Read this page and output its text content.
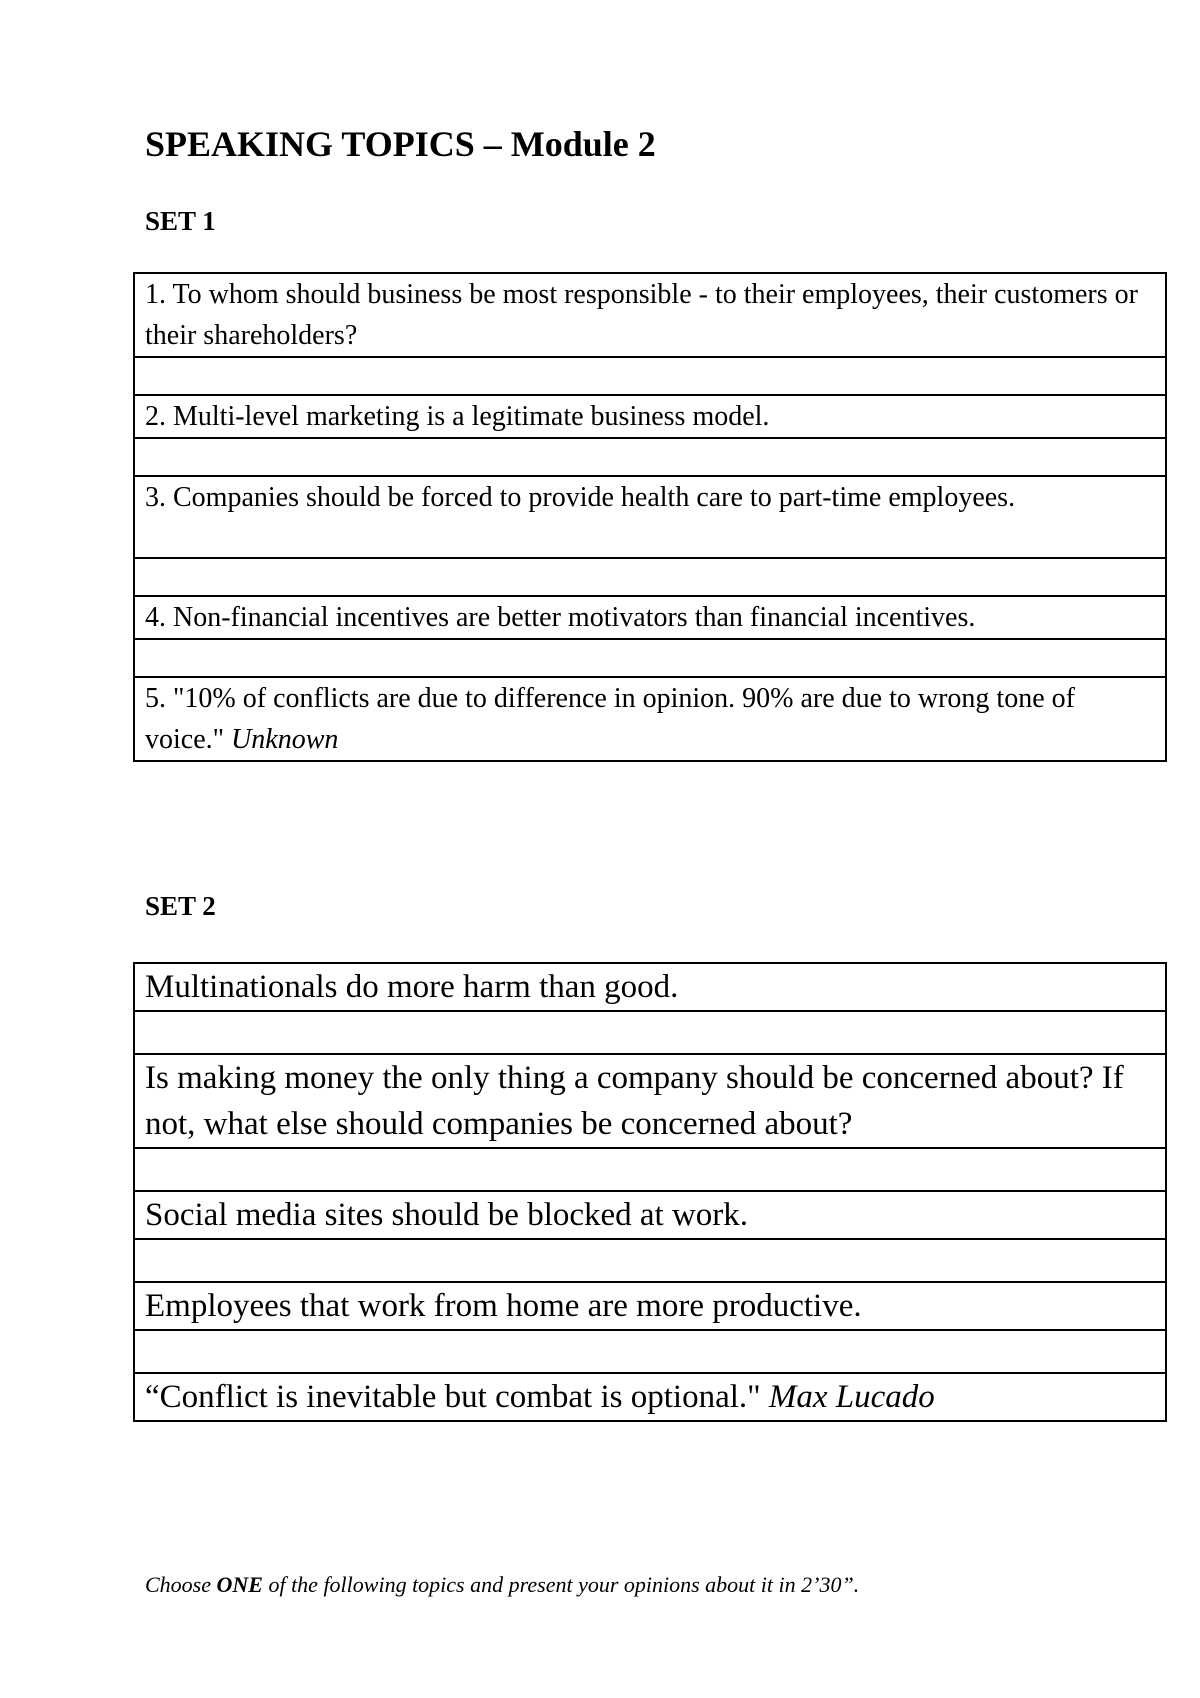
SPEAKING TOPICS – Module 2
SET 1
1. To whom should business be most responsible - to their employees, their customers or their shareholders?

2. Multi-level marketing is a legitimate business model.

3. Companies should be forced to provide health care to part-time employees.

4. Non-financial incentives are better motivators than financial incentives.

5. "10% of conflicts are due to difference in opinion. 90% are due to wrong tone of voice." Unknown
SET 2
Multinationals do more harm than good.

Is making money the only thing a company should be concerned about? If not, what else should companies be concerned about?

Social media sites should be blocked at work.

Employees that work from home are more productive.

“Conflict is inevitable but combat is optional." Max Lucado

Choose ONE of the following topics and present your opinions about it in 2’30”.
